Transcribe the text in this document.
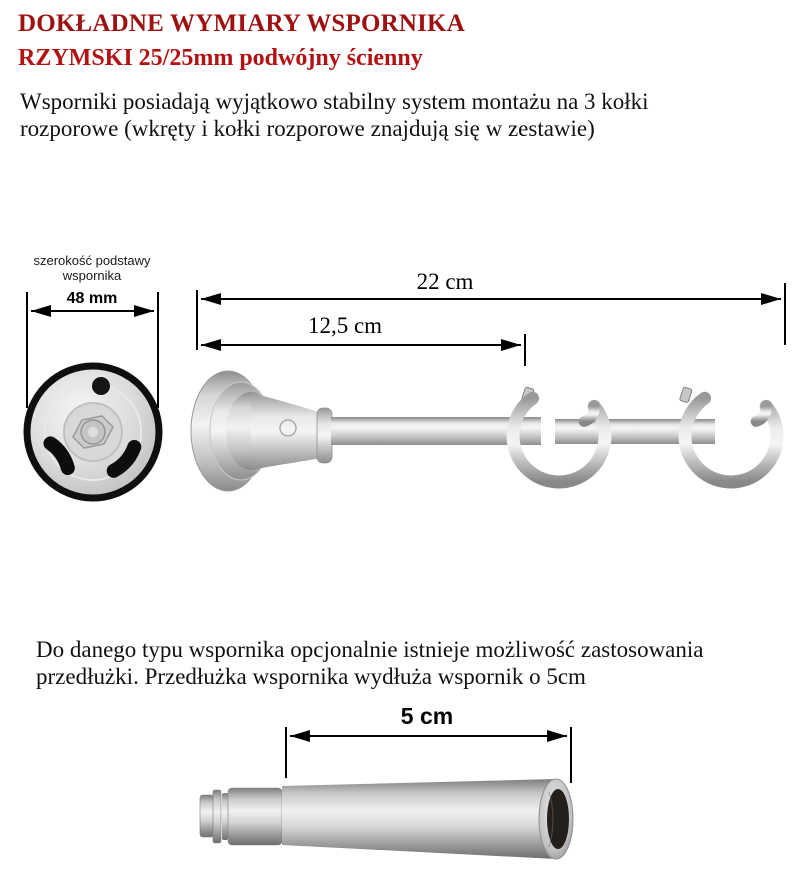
DOKŁADNE WYMIARY WSPORNIKA
RZYMSKI 25/25mm podwójny ścienny
Wsporniki posiadają wyjątkowo stabilny system montażu na 3 kołki
rozporowe (wkręty i kołki rozporowe znajdują się w zestawie)
szerokość podstawy
wspornika
48 mm
22 cm
12,5 cm
Do danego typu wspornika opcjonalnie istnieje możliwość zastosowania
przedłużki. Przedłużka wspornika wydłuża wspornik o 5cm
5 cm
